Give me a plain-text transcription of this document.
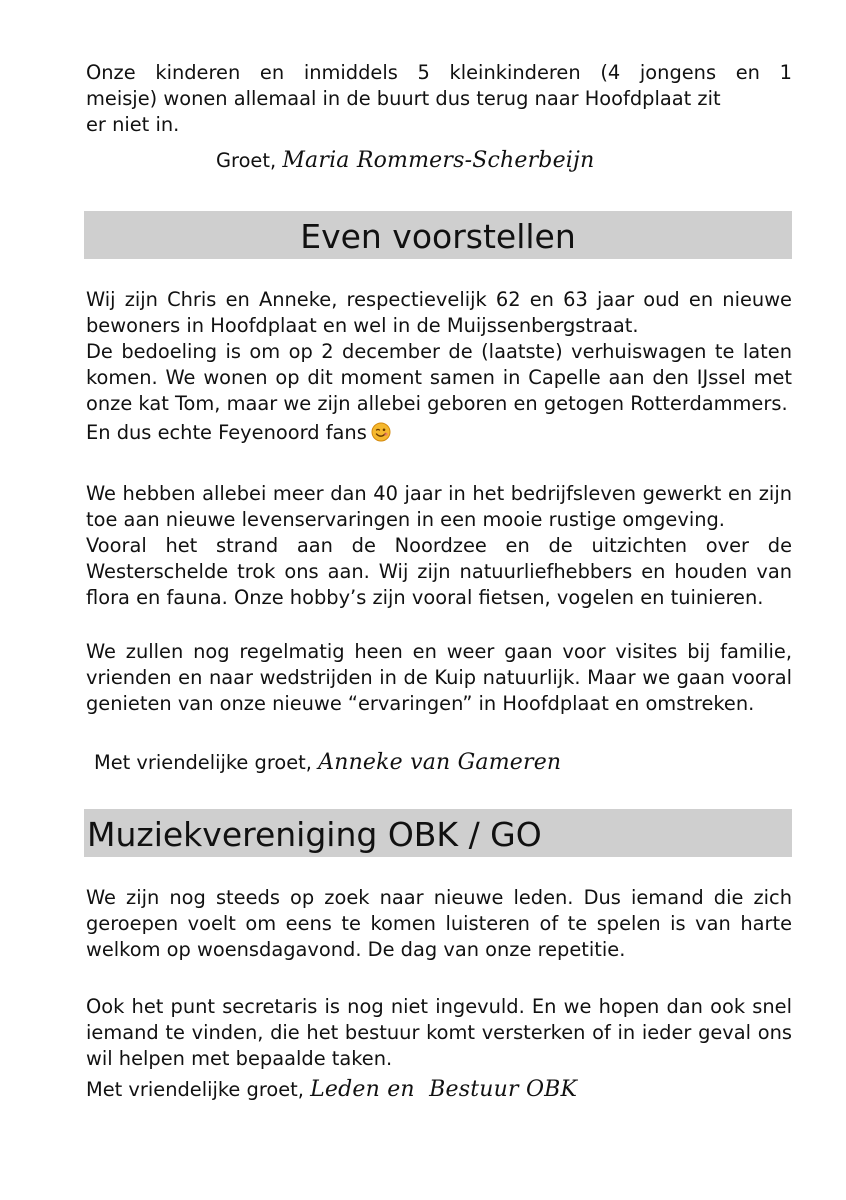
Onze kinderen en inmiddels 5 kleinkinderen (4 jongens en 1
meisje) wonen allemaal in de buurt dus terug naar Hoofdplaat zit
er niet in.
Groet, Maria Rommers-Scherbeijn
Even voorstellen
Wij zijn Chris en Anneke, respectievelijk 62 en 63 jaar oud en nieuwe
bewoners in Hoofdplaat en wel in de Muijssenbergstraat.
De bedoeling is om op 2 december de (laatste) verhuiswagen te laten
komen. We wonen op dit moment samen in Capelle aan den IJssel met
onze kat Tom, maar we zijn allebei geboren en getogen Rotterdammers.
En dus echte Feyenoord fans
We hebben allebei meer dan 40 jaar in het bedrijfsleven gewerkt en zijn
toe aan nieuwe levenservaringen in een mooie rustige omgeving.
Vooral het strand aan de Noordzee en de uitzichten over de
Westerschelde trok ons aan. Wij zijn natuurliefhebbers en houden van
flora en fauna. Onze hobby’s zijn vooral fietsen, vogelen en tuinieren.
We zullen nog regelmatig heen en weer gaan voor visites bij familie,
vrienden en naar wedstrijden in de Kuip natuurlijk. Maar we gaan vooral
genieten van onze nieuwe “ervaringen” in Hoofdplaat en omstreken.
Met vriendelijke groet, Anneke van Gameren
Muziekvereniging OBK / GO
We zijn nog steeds op zoek naar nieuwe leden. Dus iemand die zich
geroepen voelt om eens te komen luisteren of te spelen is van harte
welkom op woensdagavond. De dag van onze repetitie.
Ook het punt secretaris is nog niet ingevuld. En we hopen dan ook snel
iemand te vinden, die het bestuur komt versterken of in ieder geval ons
wil helpen met bepaalde taken.
Met vriendelijke groet, Leden en  Bestuur OBK
